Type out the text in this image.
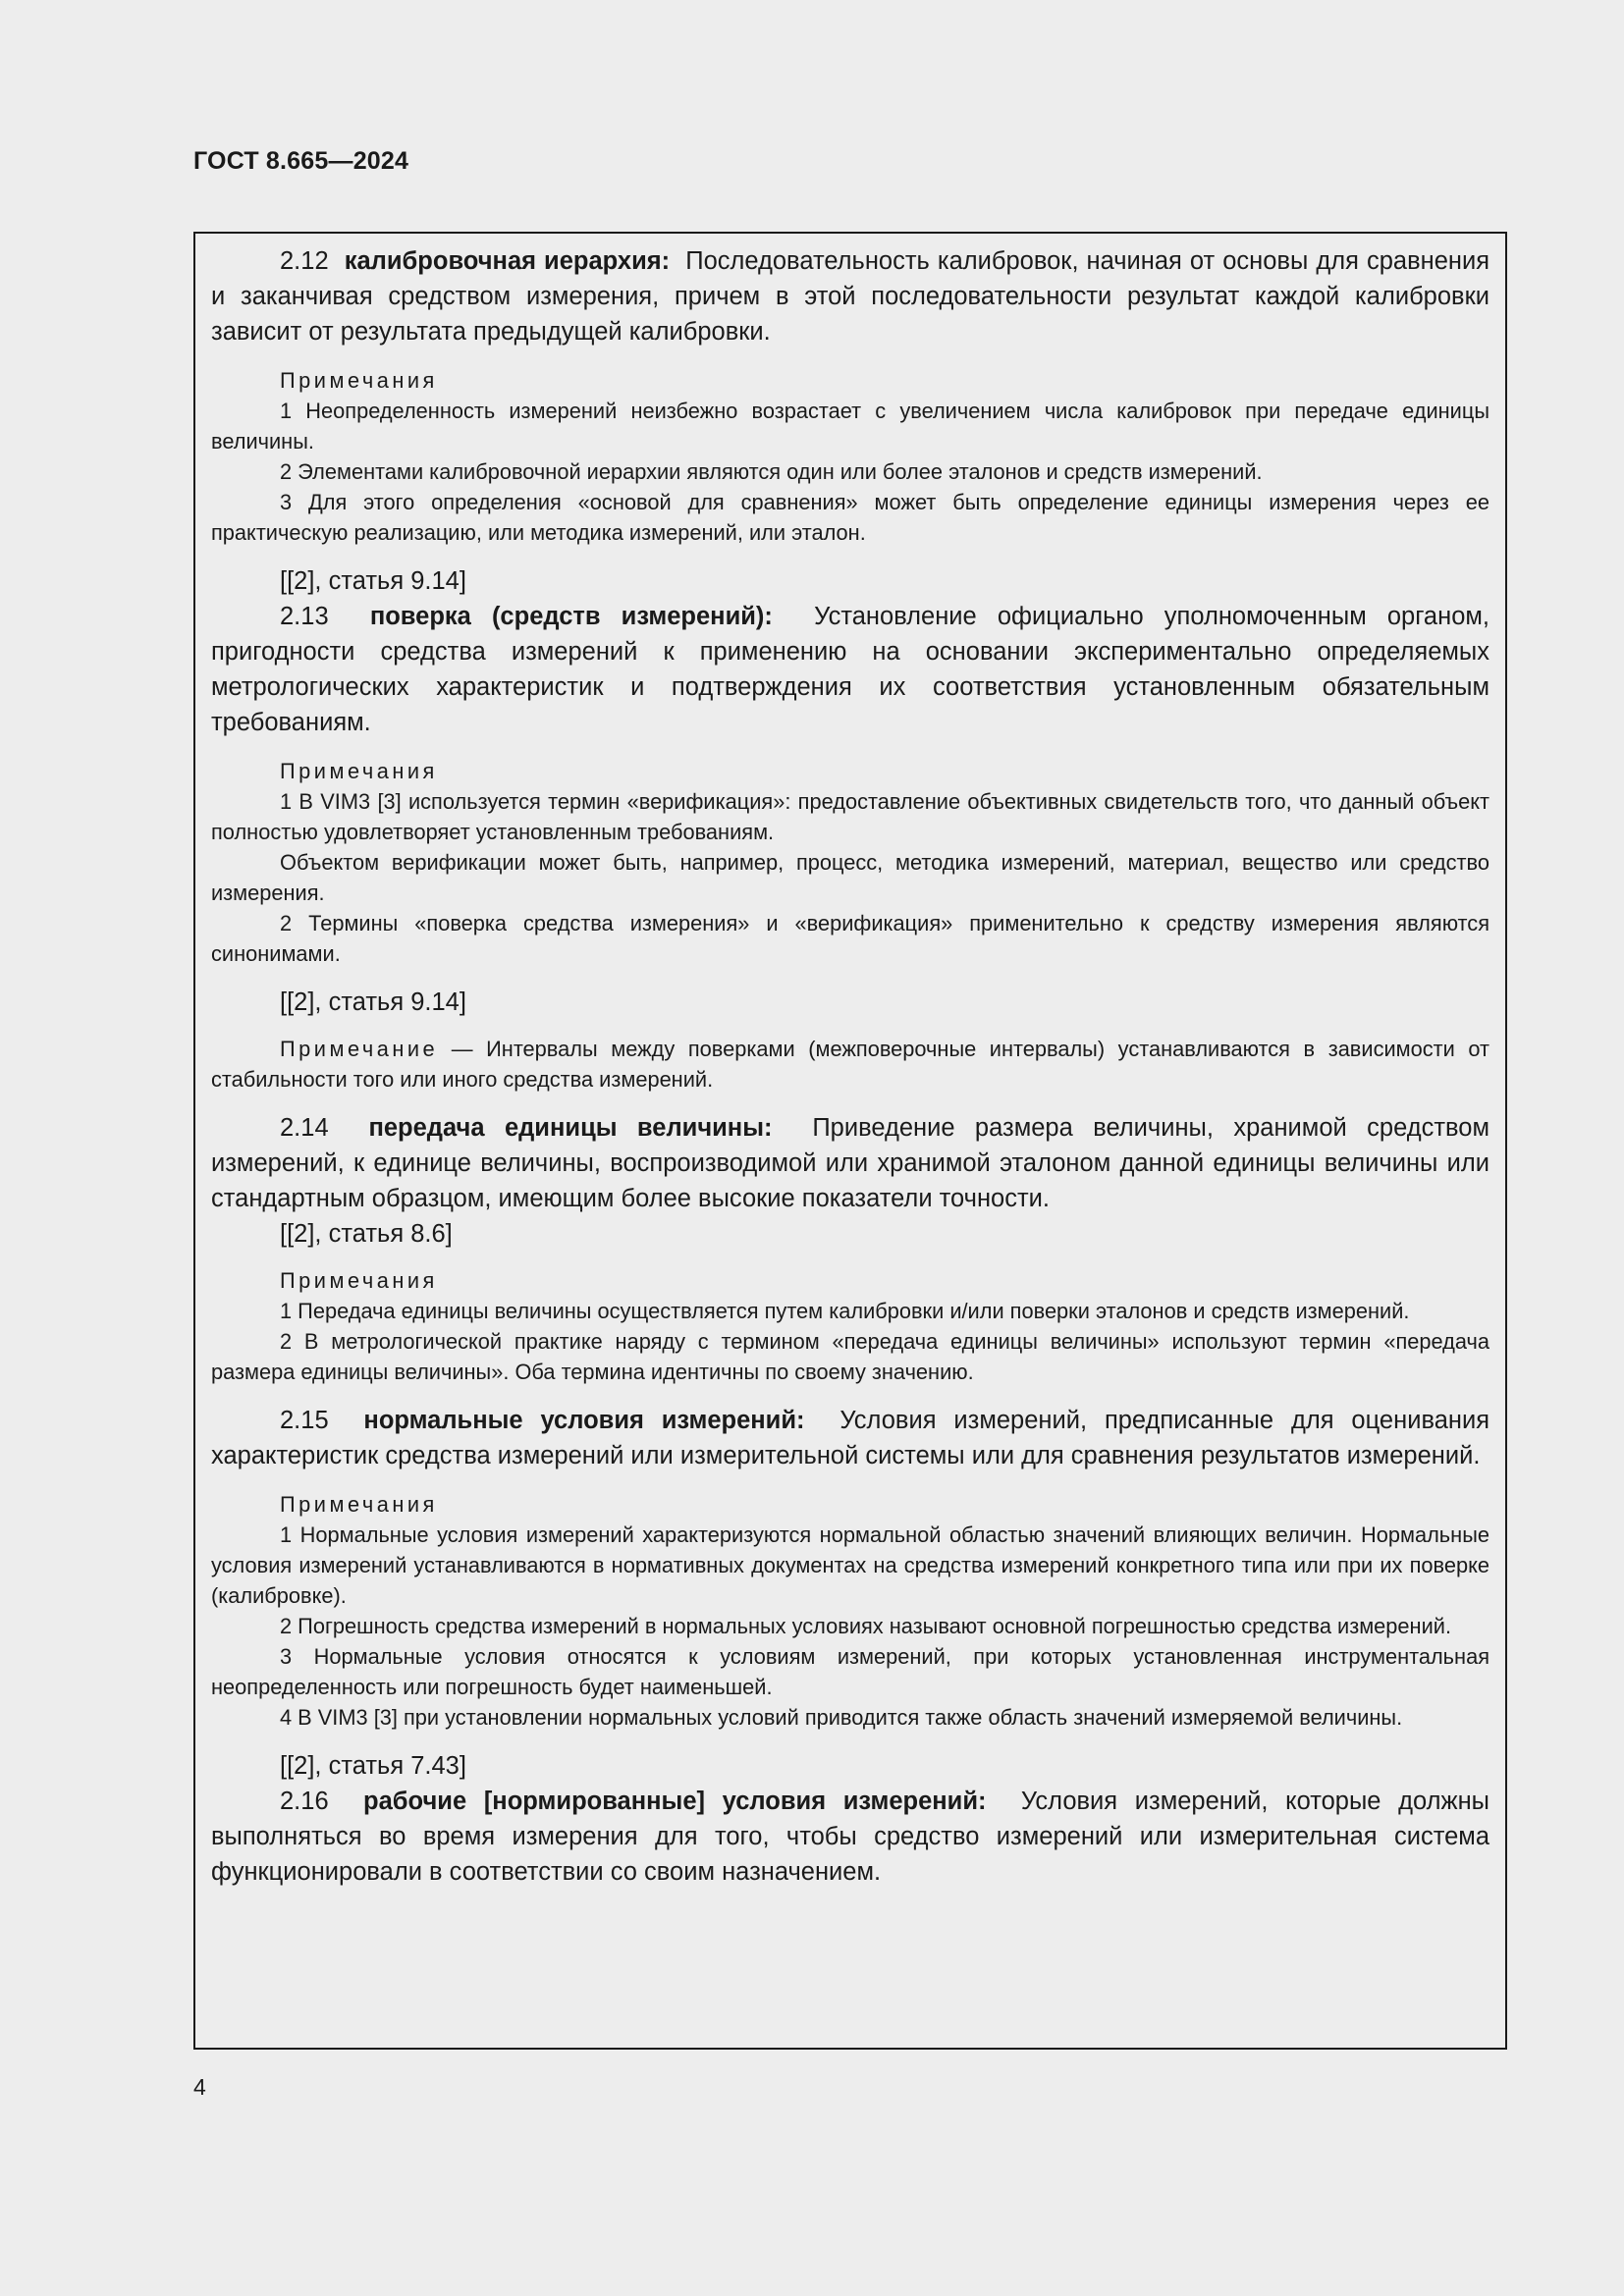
ГОСТ 8.665—2024

2.12 калибровочная иерархия: Последовательность калибровок, начиная от основы для сравнения и заканчивая средством измерения, причем в этой последовательности результат каждой калибровки зависит от результата предыдущей калибровки.

Примечания

1 Неопределенность измерений неизбежно возрастает с увеличением числа калибровок при передаче единицы величины.

2 Элементами калибровочной иерархии являются один или более эталонов и средств измерений.

3 Для этого определения «основой для сравнения» может быть определение единицы измерения через ее практическую реализацию, или методика измерений, или эталон.

[[2], статья 9.14]

2.13 поверка (средств измерений): Установление официально уполномоченным органом, пригодности средства измерений к применению на основании экспериментально определяемых метрологических характеристик и подтверждения их соответствия установленным обязательным требованиям.

Примечания

1 В VIM3 [3] используется термин «верификация»: предоставление объективных свидетельств того, что данный объект полностью удовлетворяет установленным требованиям.

Объектом верификации может быть, например, процесс, методика измерений, материал, вещество или средство измерения.

2 Термины «поверка средства измерения» и «верификация» применительно к средству измерения являются синонимами.

[[2], статья 9.14]

Примечание — Интервалы между поверками (межповерочные интервалы) устанавливаются в зависимости от стабильности того или иного средства измерений.

2.14 передача единицы величины: Приведение размера величины, хранимой средством измерений, к единице величины, воспроизводимой или хранимой эталоном данной единицы величины или стандартным образцом, имеющим более высокие показатели точности.

[[2], статья 8.6]

Примечания

1 Передача единицы величины осуществляется путем калибровки и/или поверки эталонов и средств измерений.

2 В метрологической практике наряду с термином «передача единицы величины» используют термин «передача размера единицы величины». Оба термина идентичны по своему значению.

2.15 нормальные условия измерений: Условия измерений, предписанные для оценивания характеристик средства измерений или измерительной системы или для сравнения результатов измерений.

Примечания

1 Нормальные условия измерений характеризуются нормальной областью значений влияющих величин. Нормальные условия измерений устанавливаются в нормативных документах на средства измерений конкретного типа или при их поверке (калибровке).

2 Погрешность средства измерений в нормальных условиях называют основной погрешностью средства измерений.

3 Нормальные условия относятся к условиям измерений, при которых установленная инструментальная неопределенность или погрешность будет наименьшей.

4 В VIM3 [3] при установлении нормальных условий приводится также область значений измеряемой величины.

[[2], статья 7.43]

2.16 рабочие [нормированные] условия измерений: Условия измерений, которые должны выполняться во время измерения для того, чтобы средство измерений или измерительная система функционировали в соответствии со своим назначением.

4
